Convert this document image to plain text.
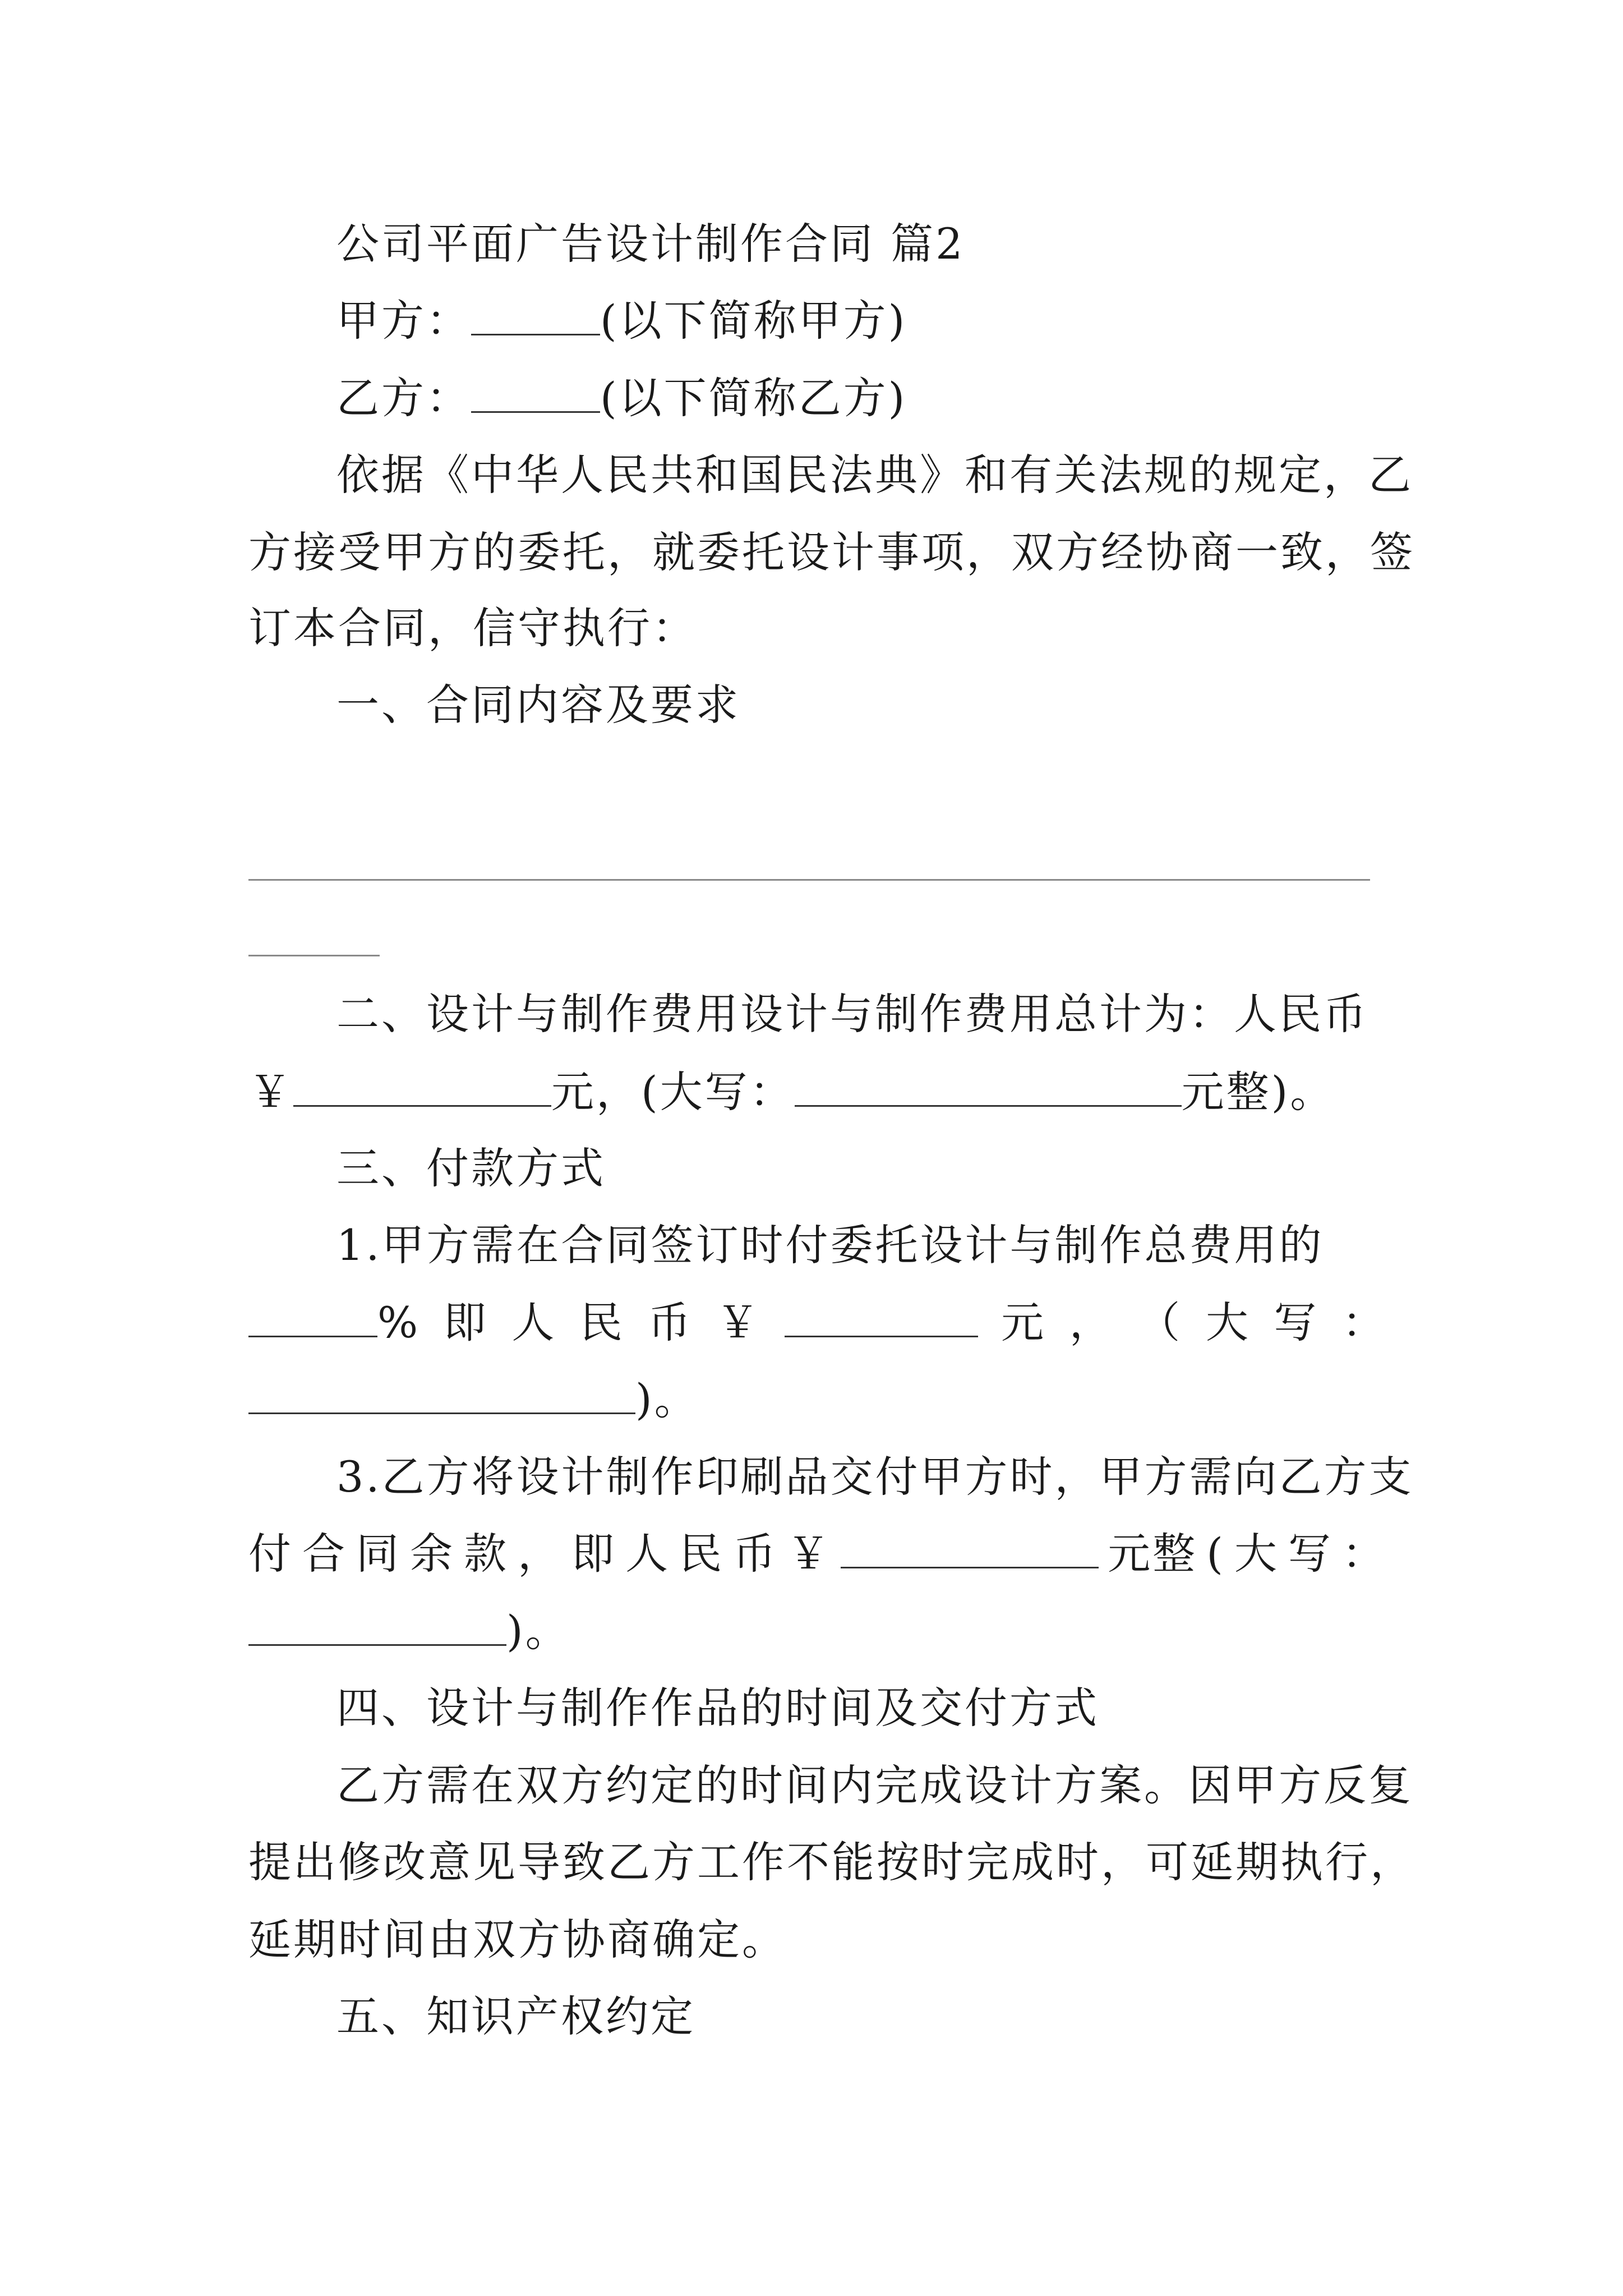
公司平面广告设计制作合同 篇2
甲方：	(以下简称甲方)
乙方：	(以下简称乙方)
依据《中华人民共和国民法典》和有关法规的规定，乙
方接受甲方的委托，就委托设计事项，双方经协商一致，签
订本合同，信守执行：
一、合同内容及要求
二、设计与制作费用设计与制作费用总计为：人民币
￥	元，(大写：	元整)。
三、付款方式
1.甲方需在合同签订时付委托设计与制作总费用的
% 即 人 民 币 ￥	元 ， （ 大 写 ：
)。
3.乙方将设计制作印刷品交付甲方时，甲方需向乙方支
付 合 同 余 款 ， 即 人 民 币 ￥	元整 ( 大 写 ：
)。
四、设计与制作作品的时间及交付方式
乙方需在双方约定的时间内完成设计方案。因甲方反复
提出修改意见导致乙方工作不能按时完成时，可延期执行，
延期时间由双方协商确定。
五、知识产权约定
